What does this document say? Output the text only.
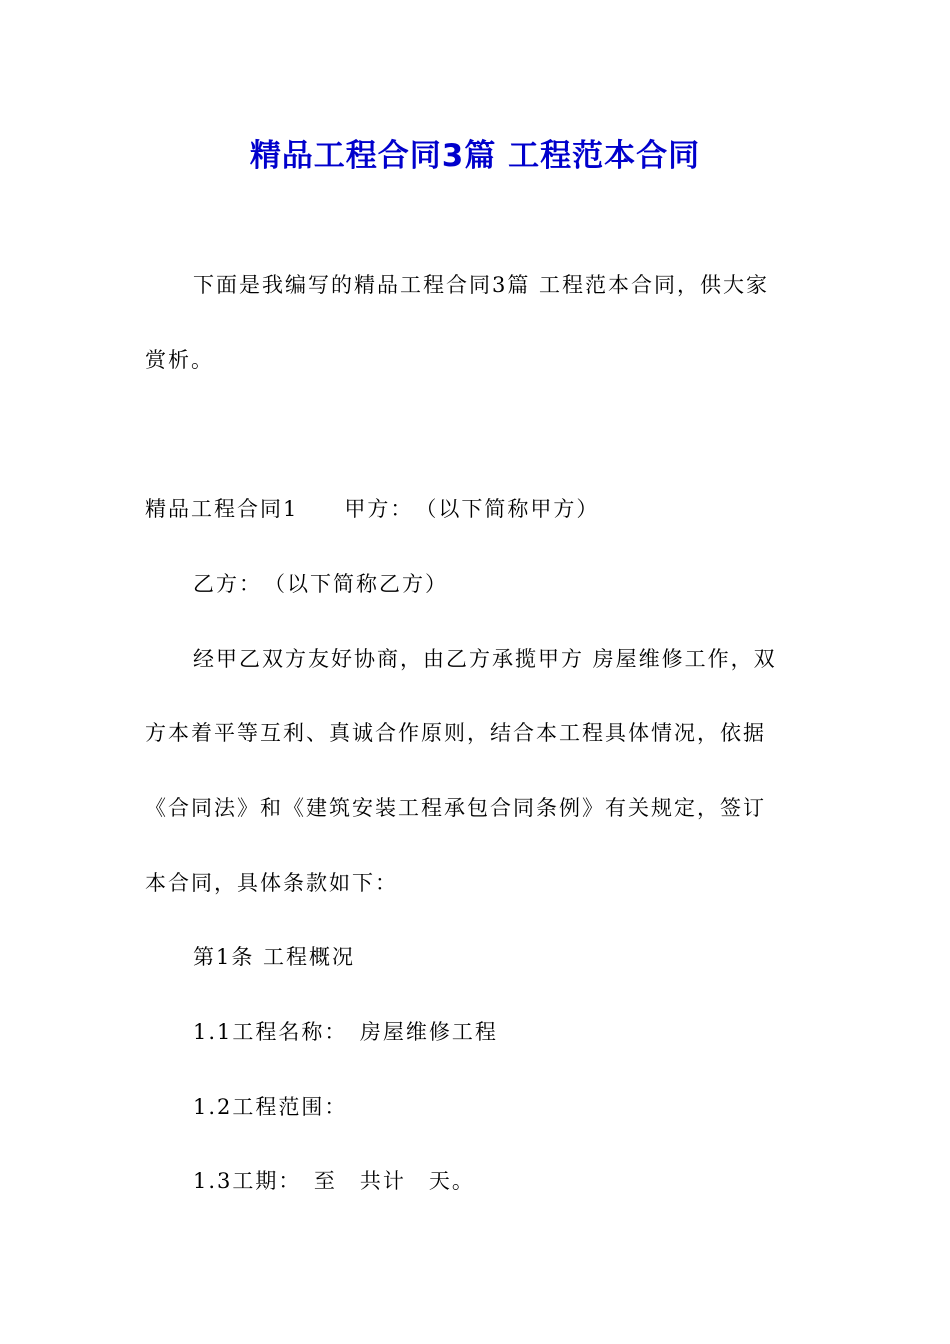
精品工程合同3篇 工程范本合同
下面是我编写的精品工程合同3篇 工程范本合同，供大家
赏析。
精品工程合同1　　甲方：　（以下简称甲方）
乙方：　（以下简称乙方）
经甲乙双方友好协商，由乙方承揽甲方 房屋维修工作，双
方本着平等互利、真诚合作原则，结合本工程具体情况，依据
《合同法》和《建筑安装工程承包合同条例》有关规定，签订
本合同，具体条款如下：
第1条 工程概况
1.1工程名称：　房屋维修工程
1.2工程范围：
1.3工期：　至　共计　天。
